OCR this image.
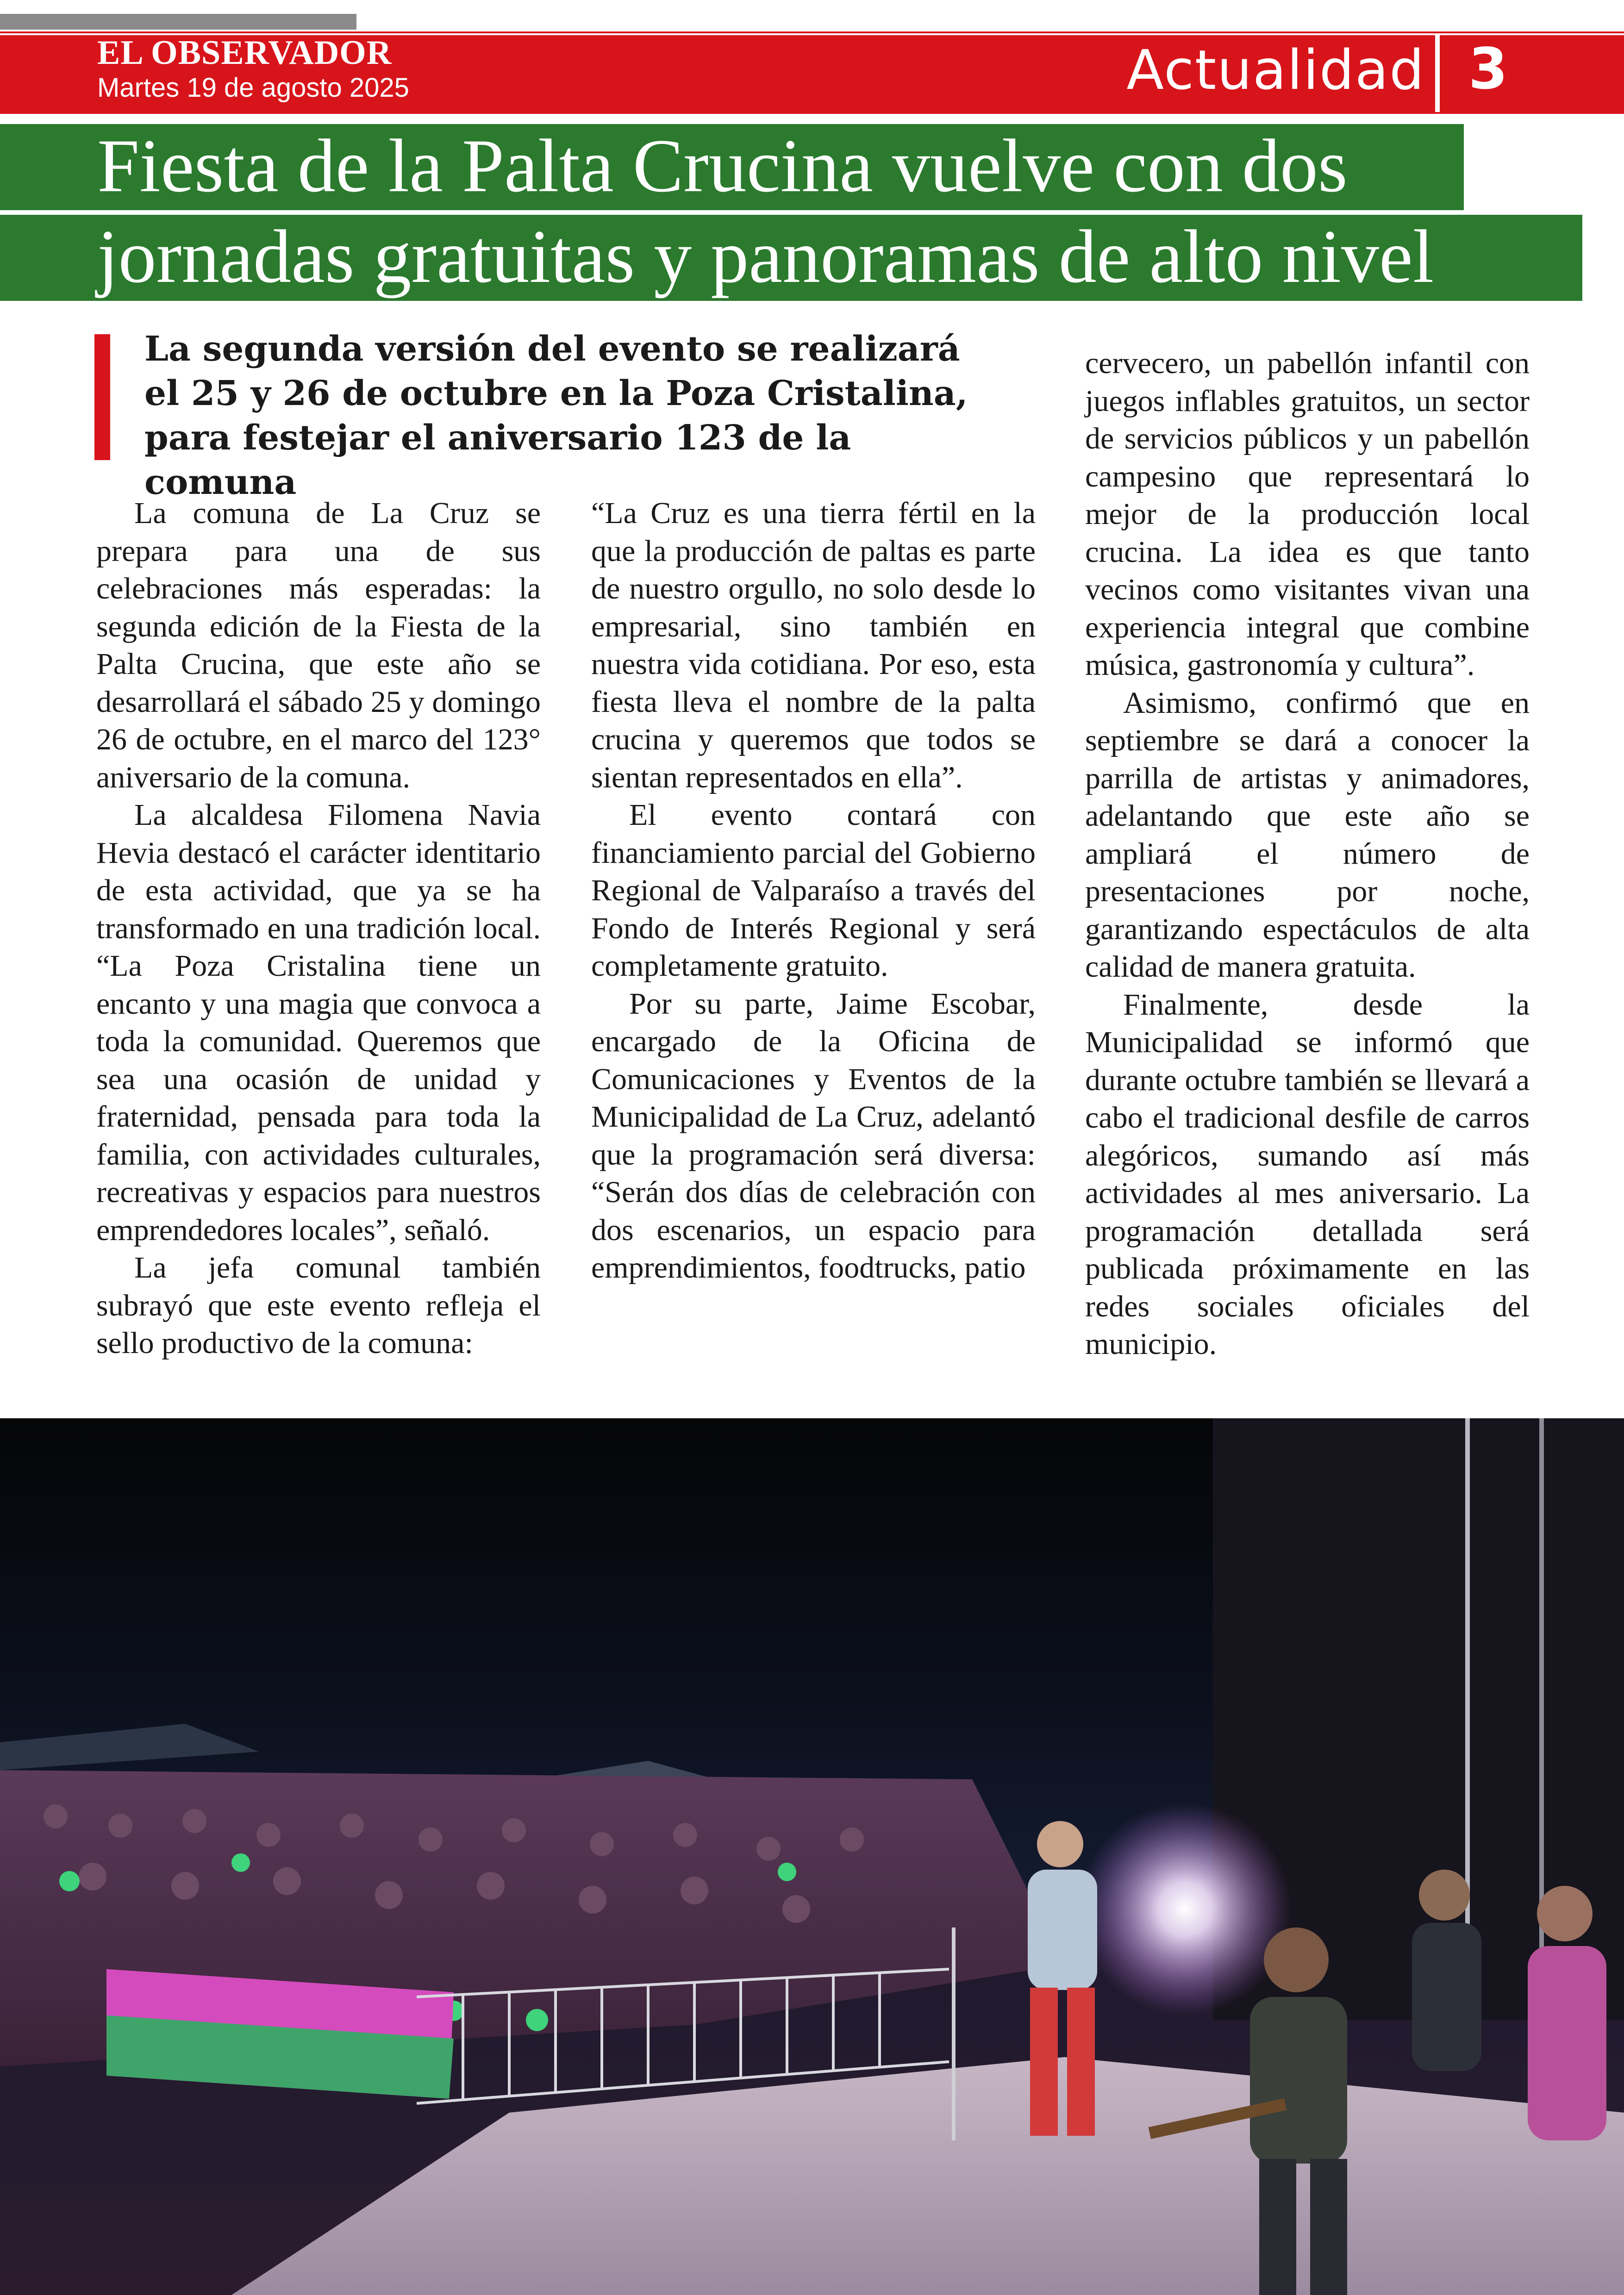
EL OBSERVADOR
Martes 19 de agosto 2025	Actualidad 3
Fiesta de la Palta Crucina vuelve con dos
jornadas gratuitas y panoramas de alto nivel
La segunda versión del evento se realizará el 25 y 26 de octubre en la Poza Cristalina, para festejar el aniversario 123 de la comuna

La comuna de La Cruz se prepara para una de sus celebraciones más esperadas: la segunda edición de la Fiesta de la Palta Crucina, que este año se desarrollará el sábado 25 y domingo 26 de octubre, en el marco del 123° aniversario de la comuna.

La alcaldesa Filomena Navia Hevia destacó el carácter identitario de esta actividad, que ya se ha transformado en una tradición local. “La Poza Cristalina tiene un encanto y una magia que convoca a toda la comunidad. Queremos que sea una ocasión de unidad y fraternidad, pensada para toda la familia, con actividades culturales, recreativas y espacios para nuestros emprendedores locales”, señaló.

La jefa comunal también subrayó que este evento refleja el sello productivo de la comuna:

“La Cruz es una tierra fértil en la que la producción de paltas es parte de nuestro orgullo, no solo desde lo empresarial, sino también en nuestra vida cotidiana. Por eso, esta fiesta lleva el nombre de la palta crucina y queremos que todos se sientan representados en ella”.

El evento contará con financiamiento parcial del Gobierno Regional de Valparaíso a través del Fondo de Interés Regional y será completamente gratuito.

Por su parte, Jaime Escobar, encargado de la Oficina de Comunicaciones y Eventos de la Municipalidad de La Cruz, adelantó que la programación será diversa: “Serán dos días de celebración con dos escenarios, un espacio para emprendimientos, foodtrucks, patio

cervecero, un pabellón infantil con juegos inflables gratuitos, un sector de servicios públicos y un pabellón campesino que representará lo mejor de la producción local crucina. La idea es que tanto vecinos como visitantes vivan una experiencia integral que combine música, gastronomía y cultura”.

Asimismo, confirmó que en septiembre se dará a conocer la parrilla de artistas y animadores, adelantando que este año se ampliará el número de presentaciones por noche, garantizando espectáculos de alta calidad de manera gratuita.

Finalmente, desde la Municipalidad se informó que durante octubre también se llevará a cabo el tradicional desfile de carros alegóricos, sumando así más actividades al mes aniversario. La programación detallada será publicada próximamente en las redes sociales oficiales del municipio.
